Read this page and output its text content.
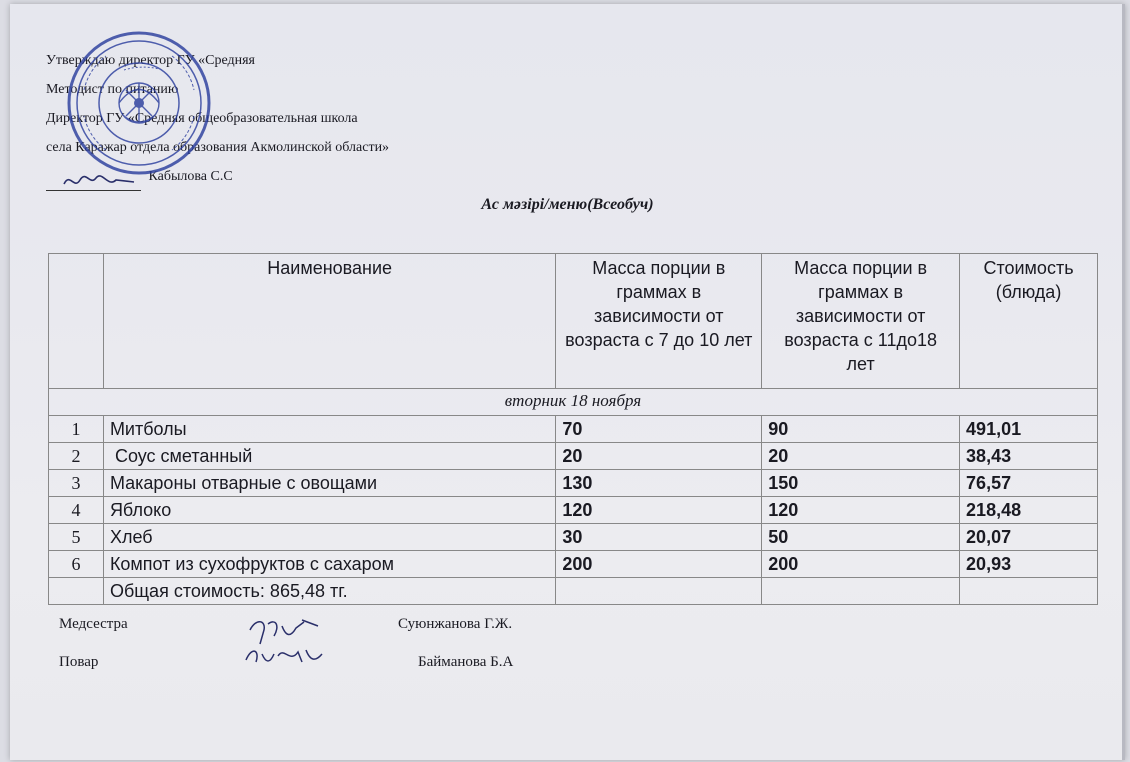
Утверждаю директор ГУ «Средняя
Методист по питанию
Директор ГУ «Средняя общеобразовательная школа
села Каражар отдела образования Акмолинской области»
Кабылова С.С
Ас мәзірі/меню(Всеобуч)
	Наименование	Масса порции в граммах в зависимости от возраста с 7 до 10 лет	Масса порции в граммах в зависимости от возраста с 11до18 лет	Стоимость (блюда)
вторник 18 ноября				
1	Митболы	70	90	491,01
2	Соус сметанный	20	20	38,43
3	Макароны отварные с овощами	130	150	76,57
4	Яблоко	120	120	218,48
5	Хлеб	30	50	20,07
6	Компот из сухофруктов с сахаром	200	200	20,93
	Общая стоимость: 865,48 тг.			
Медсестра	Суюнжанова Г.Ж.
Повар	Байманова Б.А
